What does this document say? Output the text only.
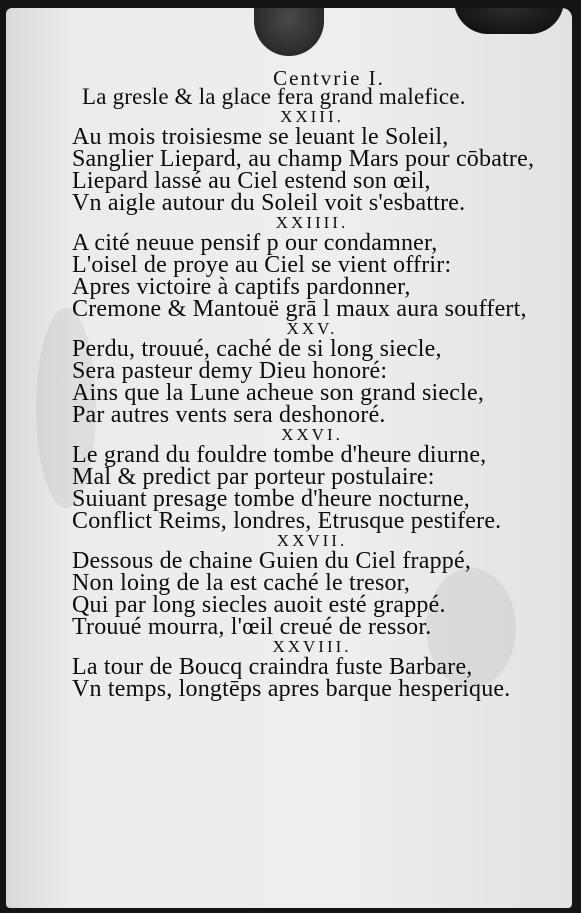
Centvrie I.
La gresle & la glace fera grand malefice.
XXIII.
Au mois troisiesme se leuant le Soleil,
Sanglier Liepard, au champ Mars pour cōbatre,
Liepard lassé au Ciel estend son œil,
Vn aigle autour du Soleil voit s'esbattre.
XXIIII.
A cité neuue pensif p our condamner,
L'oisel de proye au Ciel se vient offrir:
Apres victoire à captifs pardonner,
Cremone & Mantouë grā l maux aura souffert,
XXV.
Perdu, trouué, caché de si long siecle,
Sera pasteur demy Dieu honoré:
Ains que la Lune acheue son grand siecle,
Par autres vents sera deshonoré.
XXVI.
Le grand du fouldre tombe d'heure diurne,
Mal & predict par porteur postulaire:
Suiuant presage tombe d'heure nocturne,
Conflict Reims, londres, Etrusque pestifere.
XXVII.
Dessous de chaine Guien du Ciel frappé,
Non loing de la est caché le tresor,
Qui par long siecles auoit esté grappé.
Trouué mourra, l'œil creué de ressor.
XXVIII.
La tour de Boucq craindra fuste Barbare,
Vn temps, longtēps apres barque hesperique.
